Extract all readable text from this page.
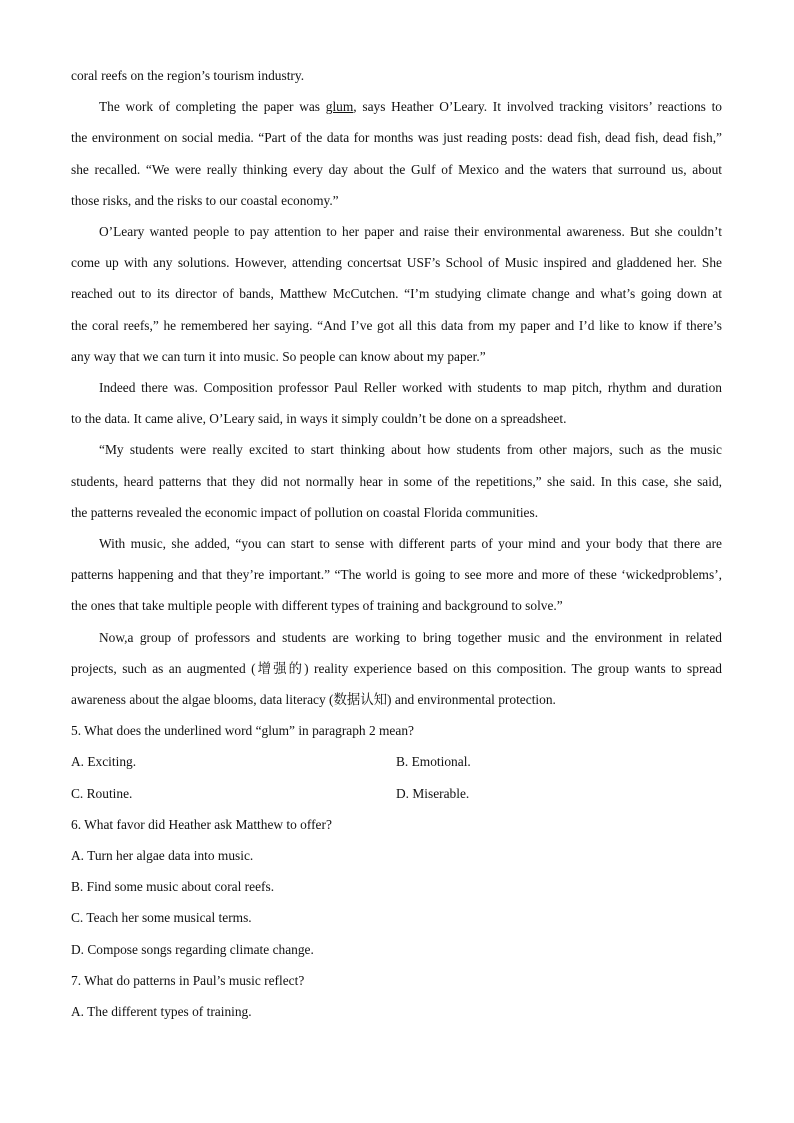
coral reefs on the region’s tourism industry.
The work of completing the paper was glum, says Heather O’Leary. It involved tracking visitors’ reactions to
the environment on social media. “Part of the data for months was just reading posts: dead fish, dead fish, dead fish,”
she recalled. “We were really thinking every day about the Gulf of Mexico and the waters that surround us, about
those risks, and the risks to our coastal economy.”
O’Leary wanted people to pay attention to her paper and raise their environmental awareness. But she couldn’t
come up with any solutions. However, attending concertsat USF’s School of Music inspired and gladdened her. She
reached out to its director of bands, Matthew McCutchen. “I’m studying climate change and what’s going down at
the coral reefs,” he remembered her saying. “And I’ve got all this data from my paper and I’d like to know if there’s
any way that we can turn it into music. So people can know about my paper.”
Indeed there was. Composition professor Paul Reller worked with students to map pitch, rhythm and duration
to the data. It came alive, O’Leary said, in ways it simply couldn’t be done on a spreadsheet.
“My students were really excited to start thinking about how students from other majors, such as the music
students, heard patterns that they did not normally hear in some of the repetitions,” she said. In this case, she said,
the patterns revealed the economic impact of pollution on coastal Florida communities.
With music, she added, “you can start to sense with different parts of your mind and your body that there are
patterns happening and that they’re important.” “The world is going to see more and more of these ‘wickedproblems’,
the ones that take multiple people with different types of training and background to solve.”
Now,a group of professors and students are working to bring together music and the environment in related
projects, such as an augmented (增强的) reality experience based on this composition. The group wants to spread
awareness about the algae blooms, data literacy (数据认知) and environmental protection.
5. What does the underlined word “glum” in paragraph 2 mean?
A. Exciting.	B. Emotional.
C. Routine.	D. Miserable.
6. What favor did Heather ask Matthew to offer?
A. Turn her algae data into music.
B. Find some music about coral reefs.
C. Teach her some musical terms.
D. Compose songs regarding climate change.
7. What do patterns in Paul’s music reflect?
A. The different types of training.
